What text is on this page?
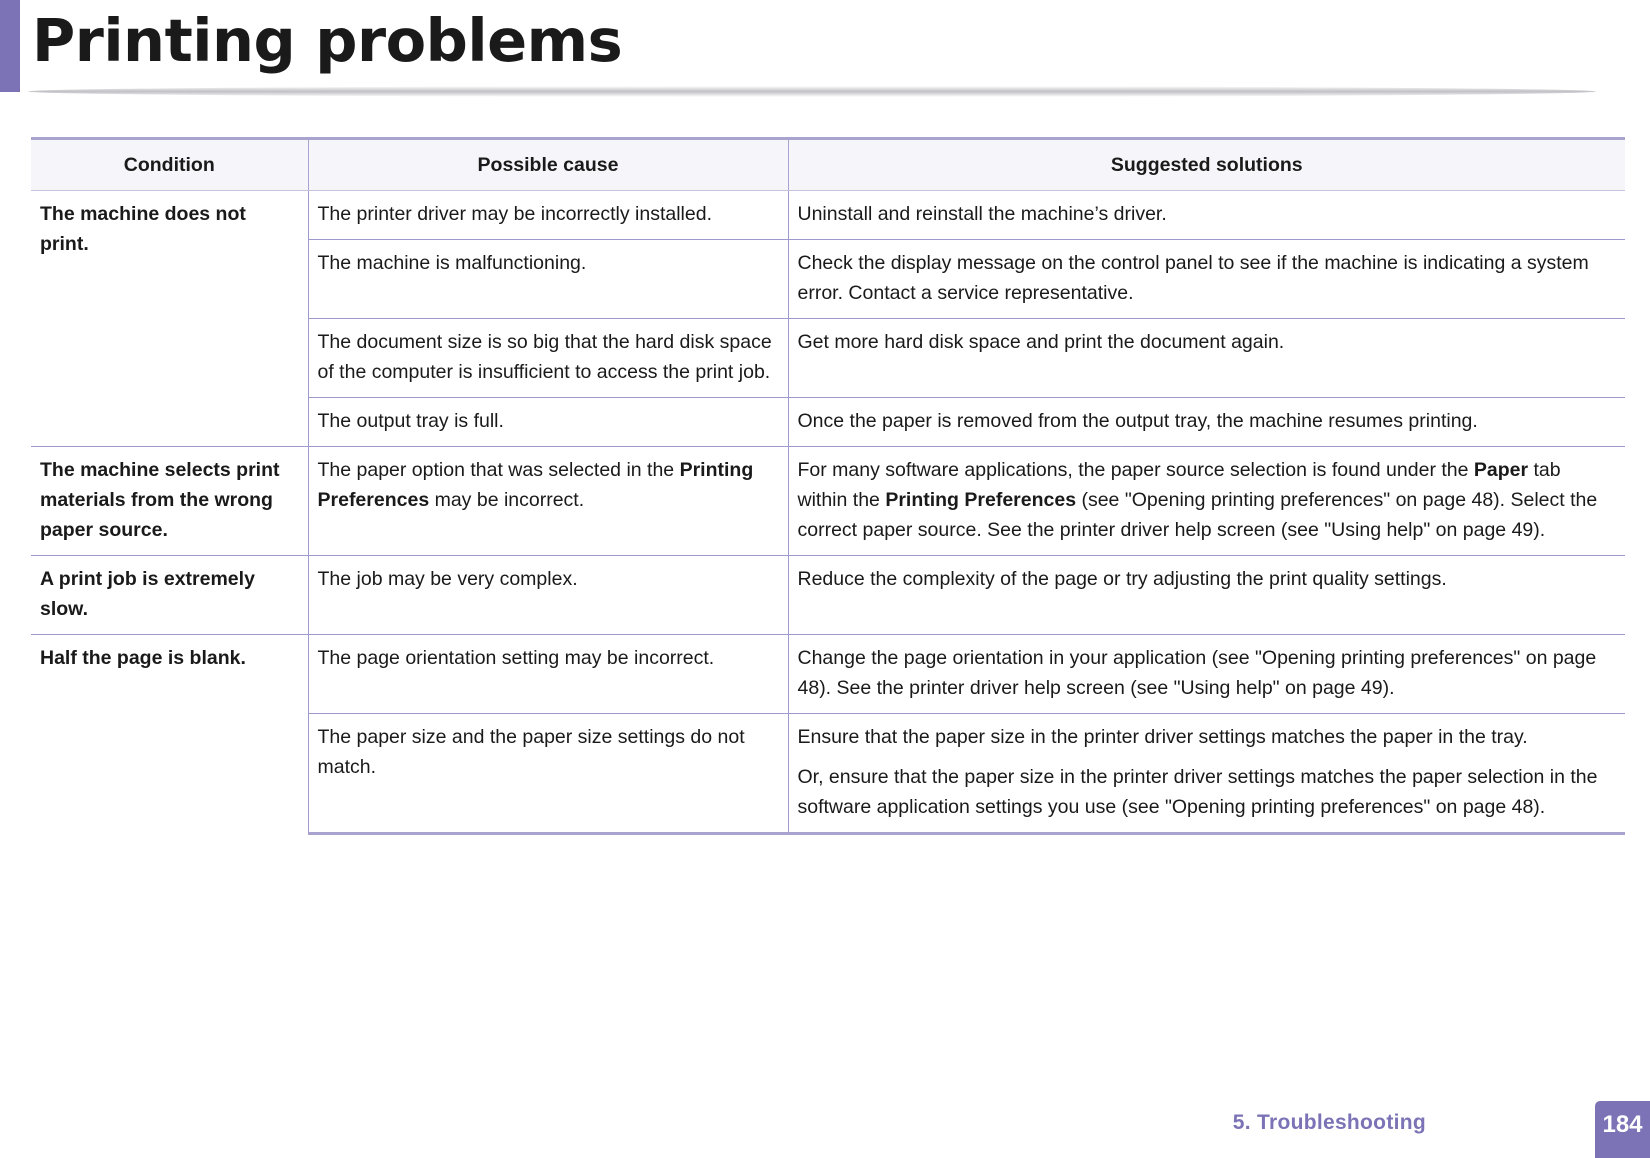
Printing problems
Condition	Possible cause	Suggested solutions
The machine does not print.	The printer driver may be incorrectly installed.	Uninstall and reinstall the machine’s driver.
	The machine is malfunctioning.	Check the display message on the control panel to see if the machine is indicating a system error. Contact a service representative.
	The document size is so big that the hard disk space of the computer is insufficient to access the print job.	Get more hard disk space and print the document again.
	The output tray is full.	Once the paper is removed from the output tray, the machine resumes printing.
The machine selects print materials from the wrong paper source.	The paper option that was selected in the Printing Preferences may be incorrect.	For many software applications, the paper source selection is found under the Paper tab within the Printing Preferences (see "Opening printing preferences" on page 48). Select the correct paper source. See the printer driver help screen (see "Using help" on page 49).
A print job is extremely slow.	The job may be very complex.	Reduce the complexity of the page or try adjusting the print quality settings.
Half the page is blank.	The page orientation setting may be incorrect.	Change the page orientation in your application (see "Opening printing preferences" on page 48). See the printer driver help screen (see "Using help" on page 49).
	The paper size and the paper size settings do not match.	Ensure that the paper size in the printer driver settings matches the paper in the tray.

Or, ensure that the paper size in the printer driver settings matches the paper selection in the software application settings you use (see "Opening printing preferences" on page 48).

5. Troubleshooting	184
